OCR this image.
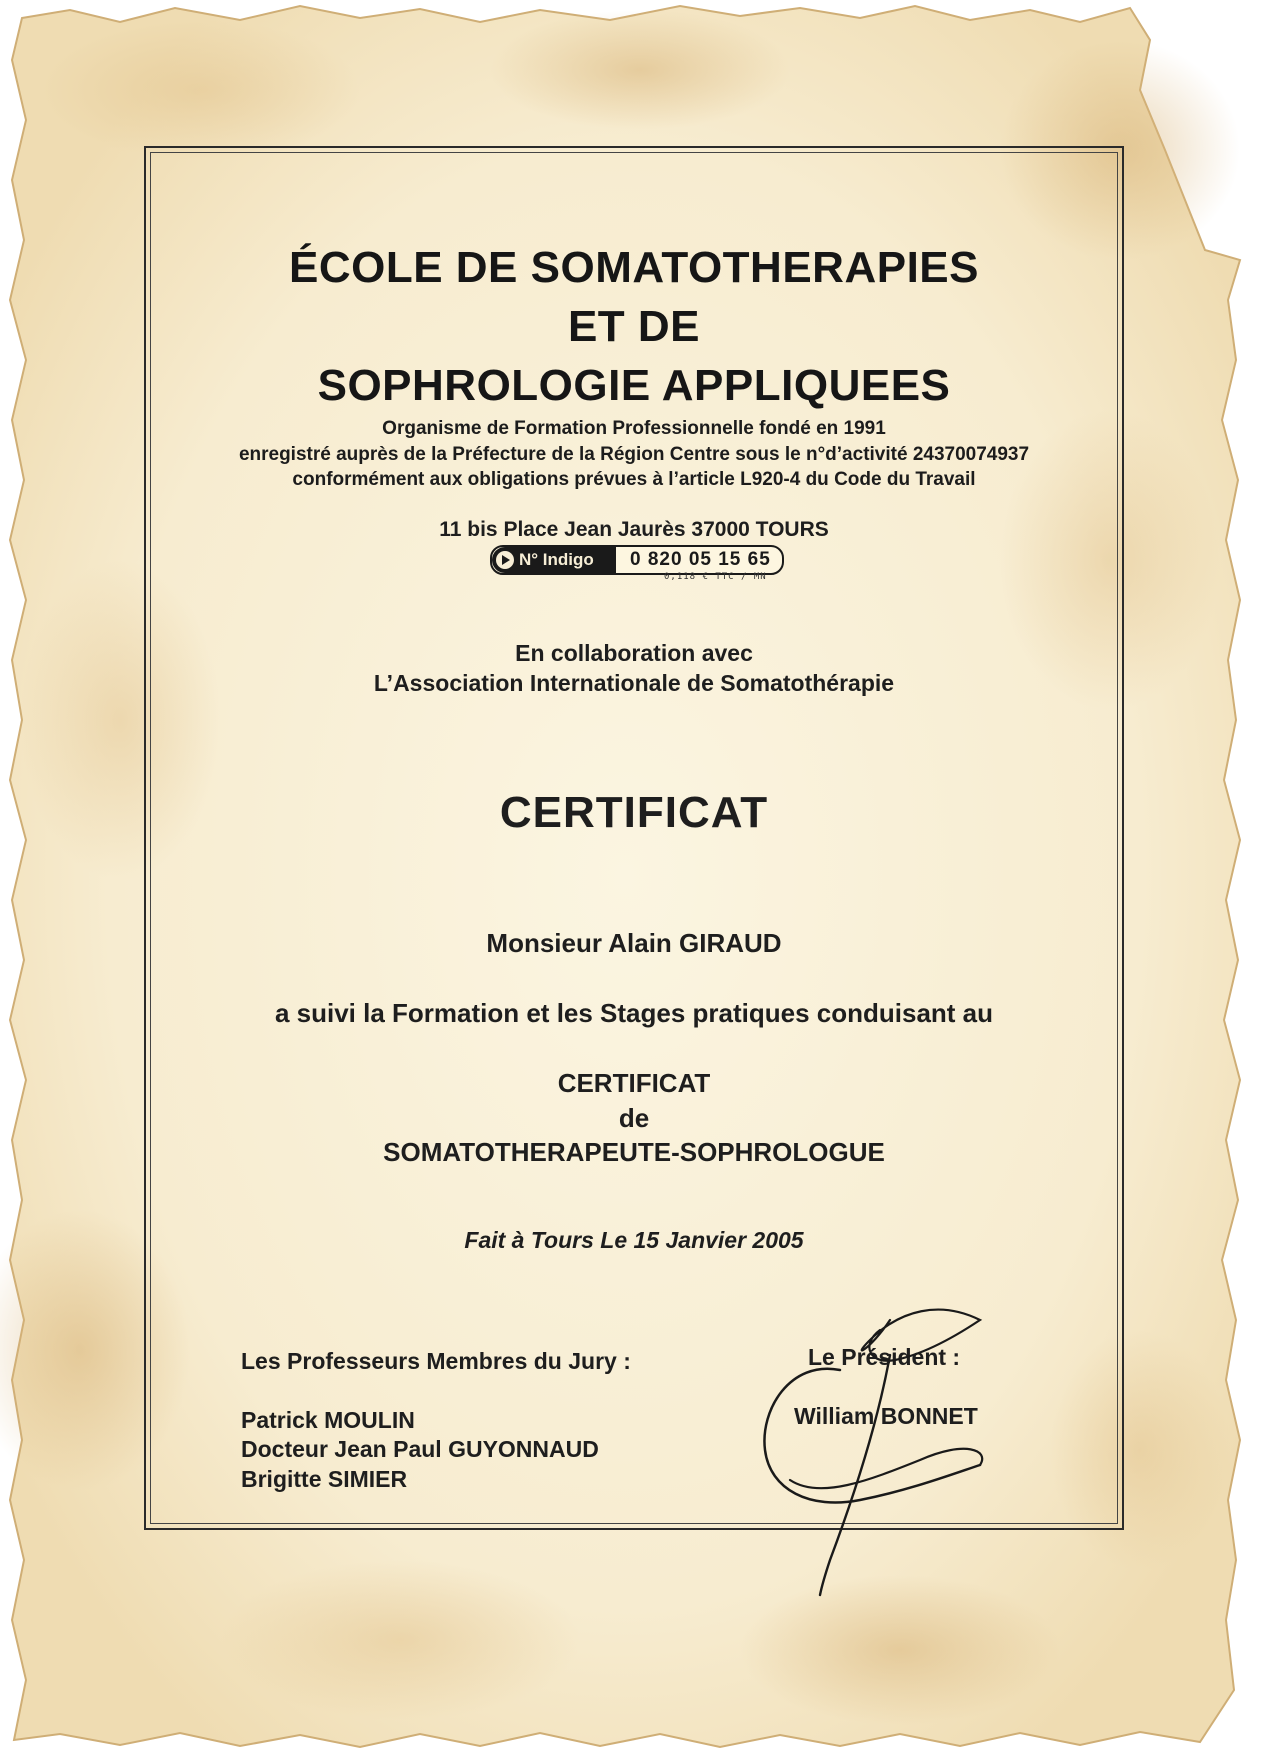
ÉCOLE DE SOMATOTHERAPIES
ET DE
SOPHROLOGIE APPLIQUEES
Organisme de Formation Professionnelle fondé en 1991
enregistré auprès de la Préfecture de la Région Centre sous le n°d’activité 24370074937
conformément aux obligations prévues à l’article L920-4 du Code du Travail
11 bis Place Jean Jaurès 37000 TOURS
N° Indigo 0 820 05 15 65
0,118 € TTC / MN
En collaboration avec
L’Association Internationale de Somatothérapie
CERTIFICAT
Monsieur Alain GIRAUD
a suivi la Formation et les Stages pratiques conduisant au
CERTIFICAT
de
SOMATOTHERAPEUTE-SOPHROLOGUE
Fait à Tours Le 15 Janvier 2005
Les Professeurs Membres du Jury :
Patrick MOULIN
Docteur Jean Paul GUYONNAUD
Brigitte SIMIER
Le Président :
William BONNET
